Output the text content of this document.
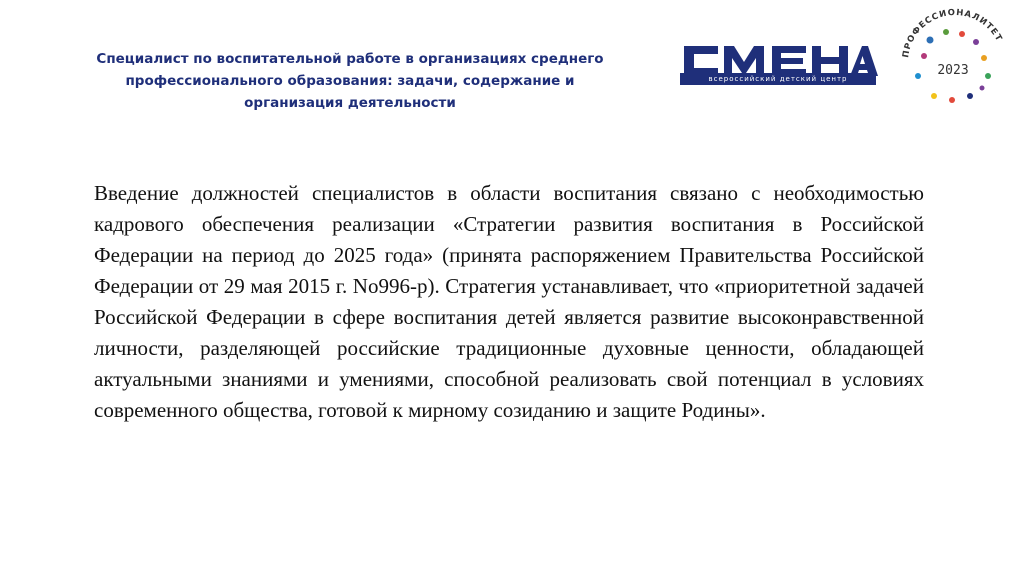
Специалист по воспитательной работе в организациях среднего
профессионального образования: задачи, содержание и
организация деятельности
всероссийский детский центр
ПРОФЕССИОНАЛИТЕТ
2023

Введение должностей специалистов в области воспитания связано с необходимостью кадрового обеспечения реализации «Стратегии развития воспитания в Российской Федерации на период до 2025 года» (принята распоряжением Правительства Российской Федерации от 29 мая 2015 г. No996-р). Стратегия устанавливает, что «приоритетной задачей Российской Федерации в сфере воспитания детей является развитие высоконравственной личности, разделяющей российские традиционные духовные ценности, обладающей актуальными знаниями и умениями, способной реализовать свой потенциал в условиях современного общества, готовой к мирному созиданию и защите Родины».
